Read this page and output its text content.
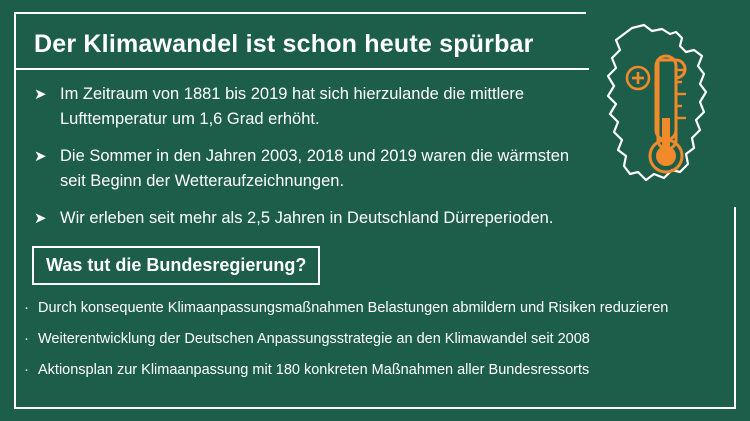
Der Klimawandel ist schon heute spürbar
➤ Im Zeitraum von 1881 bis 2019 hat sich hierzulande die mittlere Lufttemperatur um 1,6 Grad erhöht.
➤ Die Sommer in den Jahren 2003, 2018 und 2019 waren die wärmsten seit Beginn der Wetteraufzeichnungen.
➤ Wir erleben seit mehr als 2,5 Jahren in Deutschland Dürreperioden.
Was tut die Bundesregierung?
· Durch konsequente Klimaanpassungsmaßnahmen Belastungen abmildern und Risiken reduzieren
· Weiterentwicklung der Deutschen Anpassungsstrategie an den Klimawandel seit 2008
· Aktionsplan zur Klimaanpassung mit 180 konkreten Maßnahmen aller Bundesressorts
